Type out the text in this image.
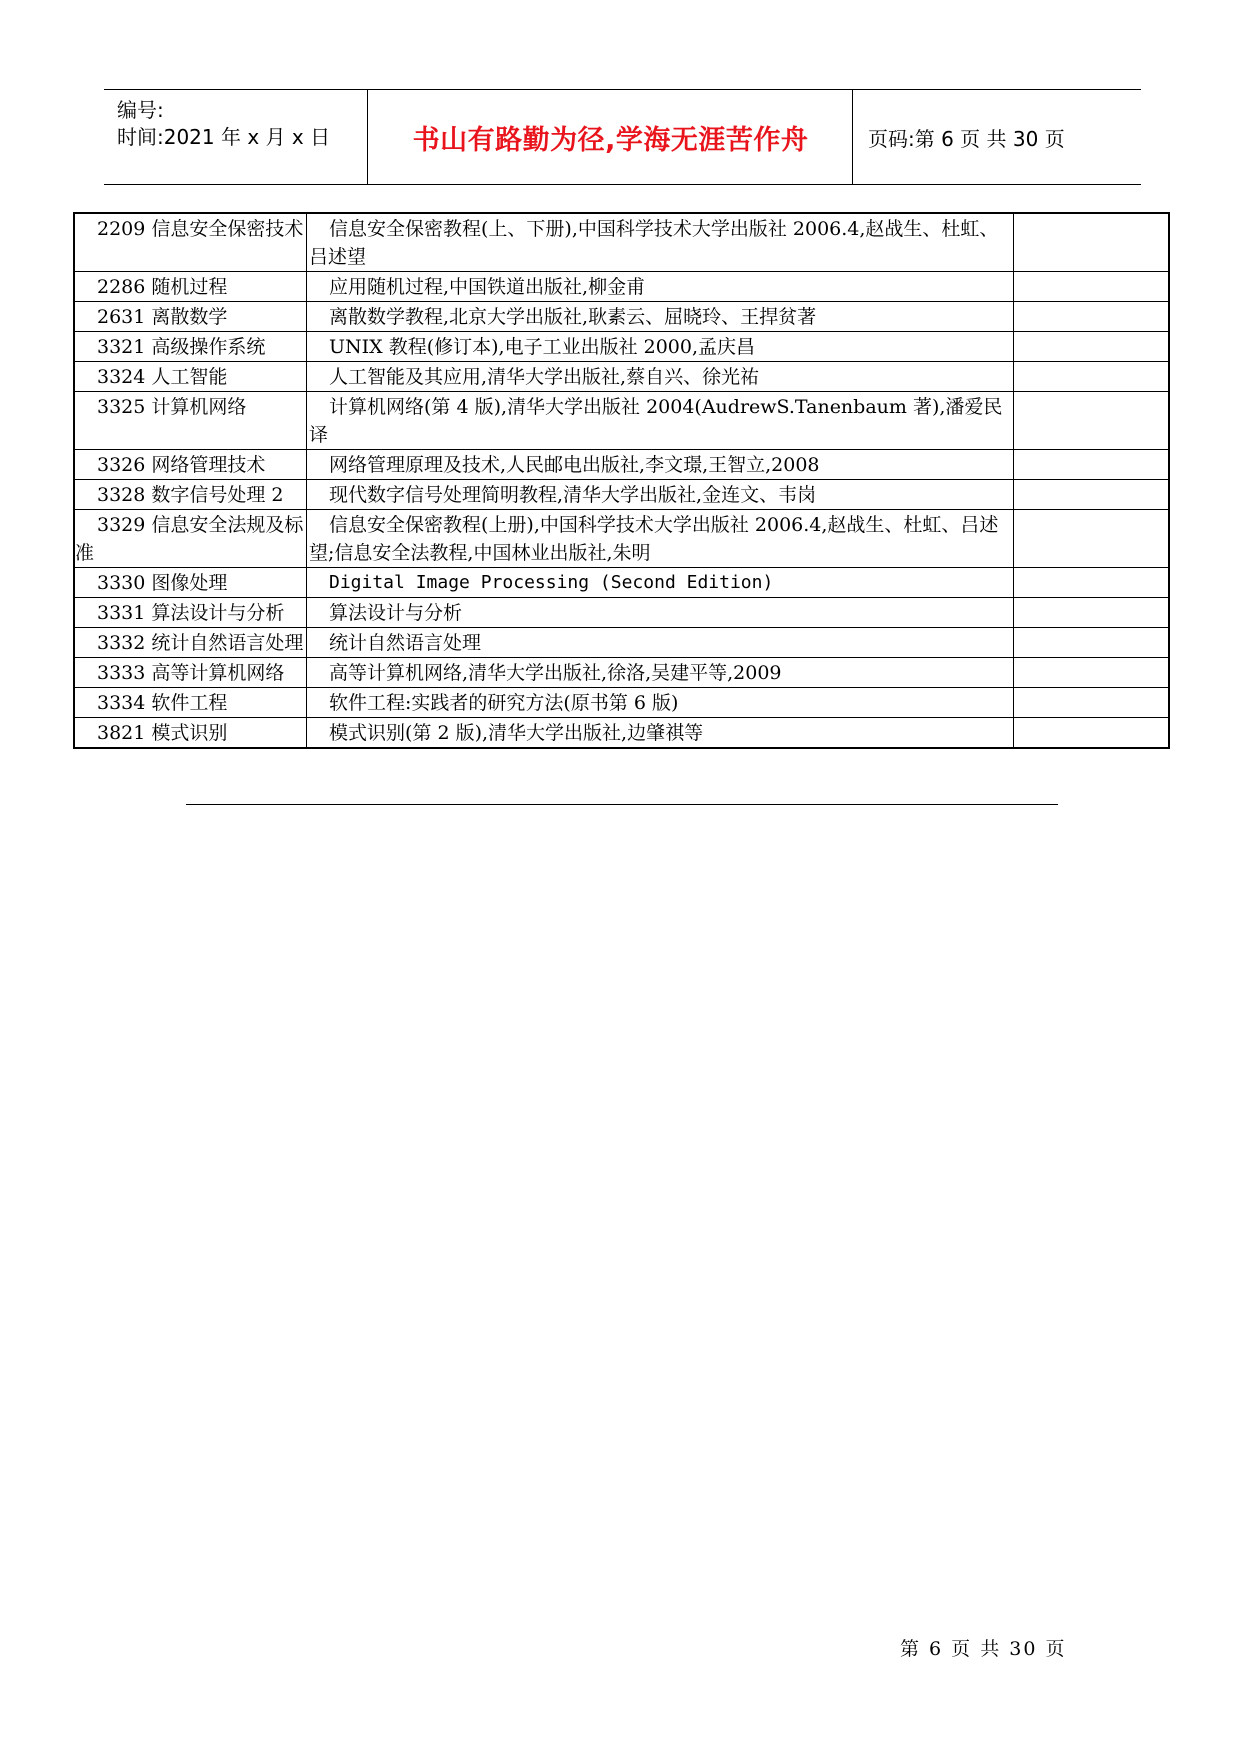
编号:
时间:2021 年 x 月 x 日	书山有路勤为径,学海无涯苦作舟	页码:第 6 页 共 30 页
2209 信息安全保密技术	信息安全保密教程(上、下册),中国科学技术大学出版社 2006.4,赵战生、杜虹、吕述望	

2286 随机过程	应用随机过程,中国铁道出版社,柳金甫	

2631 离散数学	离散数学教程,北京大学出版社,耿素云、屈晓玲、王捍贫著	

3321 高级操作系统	UNIX 教程(修订本),电子工业出版社 2000,孟庆昌	

3324 人工智能	人工智能及其应用,清华大学出版社,蔡自兴、徐光祐	

3325 计算机网络	计算机网络(第 4 版),清华大学出版社 2004(AudrewS.Tanenbaum 著),潘爱民译	

3326 网络管理技术	网络管理原理及技术,人民邮电出版社,李文璟,王智立,2008	

3328 数字信号处理 2	现代数字信号处理简明教程,清华大学出版社,金连文、韦岗	

3329 信息安全法规及标准	信息安全保密教程(上册),中国科学技术大学出版社 2006.4,赵战生、杜虹、吕述望;信息安全法教程,中国林业出版社,朱明	

3330 图像处理	Digital Image Processing (Second Edition)	

3331 算法设计与分析	算法设计与分析	

3332 统计自然语言处理	统计自然语言处理	

3333 高等计算机网络	高等计算机网络,清华大学出版社,徐洛,吴建平等,2009	

3334 软件工程	软件工程:实践者的研究方法(原书第 6 版)	

3821 模式识别	模式识别(第 2 版),清华大学出版社,边肇祺等	

第 6 页 共 30 页
